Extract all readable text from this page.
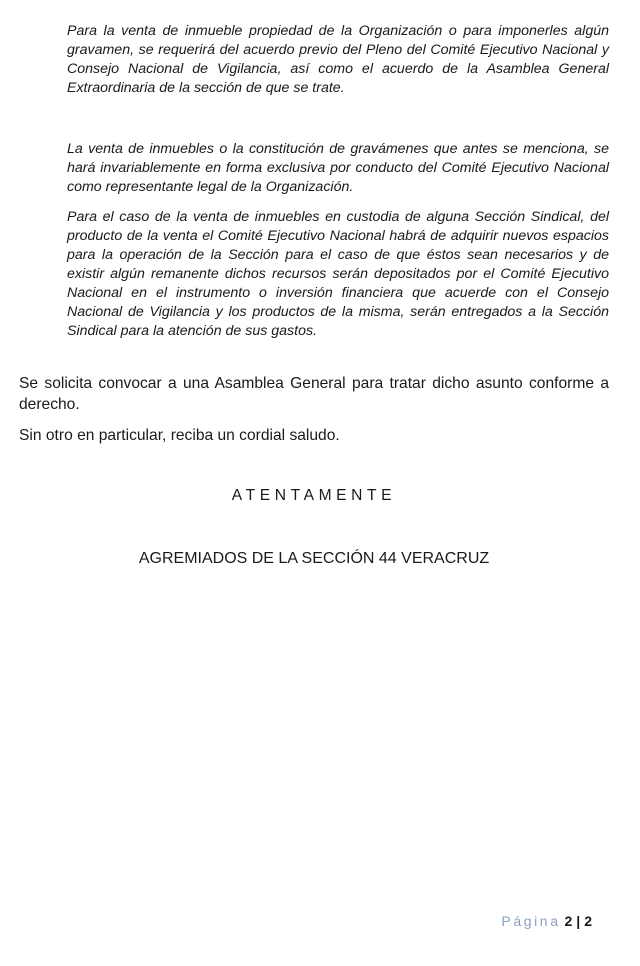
Para la venta de inmueble propiedad de la Organización o para imponerles algún gravamen, se requerirá del acuerdo previo del Pleno del Comité Ejecutivo Nacional y Consejo Nacional de Vigilancia, así como el acuerdo de la Asamblea General Extraordinaria de la sección de que se trate.

La venta de inmuebles o la constitución de gravámenes que antes se menciona, se hará invariablemente en forma exclusiva por conducto del Comité Ejecutivo Nacional como representante legal de la Organización.

Para el caso de la venta de inmuebles en custodia de alguna Sección Sindical, del producto de la venta el Comité Ejecutivo Nacional habrá de adquirir nuevos espacios para la operación de la Sección para el caso de que éstos sean necesarios y de existir algún remanente dichos recursos serán depositados por el Comité Ejecutivo Nacional en el instrumento o inversión financiera que acuerde con el Consejo Nacional de Vigilancia y los productos de la misma, serán entregados a la Sección Sindical para la atención de sus gastos.

Se solicita convocar a una Asamblea General para tratar dicho asunto conforme a derecho.

Sin otro en particular, reciba un cordial saludo.

ATENTAMENTE

AGREMIADOS DE LA SECCIÓN 44 VERACRUZ

Página 2 | 2
